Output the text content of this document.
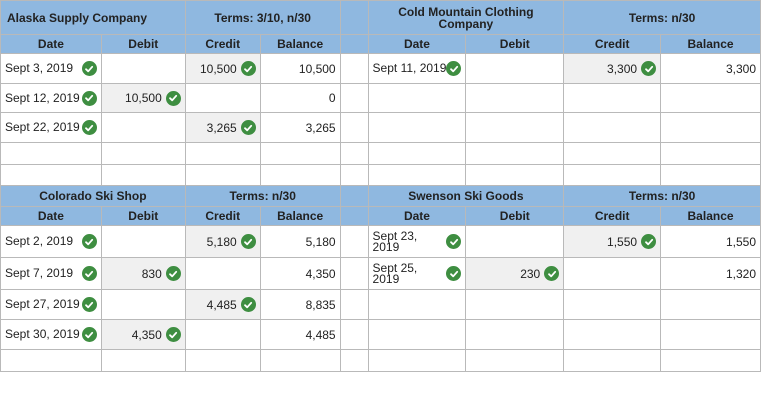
Alaska Supply Company		Terms: 3/10, n/30			Cold Mountain Clothing Company		Terms: n/30	
Date	Debit	Credit	Balance		Date	Debit	Credit	Balance

Sept 3, 2019		10,500	10,500		Sept 11, 2019		3,300	3,300

Sept 12, 2019	10,500		0					

Sept 22, 2019		3,265	3,265					

Colorado Ski Shop		Terms: n/30			Swenson Ski Goods		Terms: n/30	
Date	Debit	Credit	Balance		Date	Debit	Credit	Balance

Sept 2, 2019		5,180	5,180		Sept 23, 2019		1,550	1,550

Sept 7, 2019	830		4,350		Sept 25, 2019	230		1,320

Sept 27, 2019		4,485	8,835					

Sept 30, 2019	4,350		4,485					
